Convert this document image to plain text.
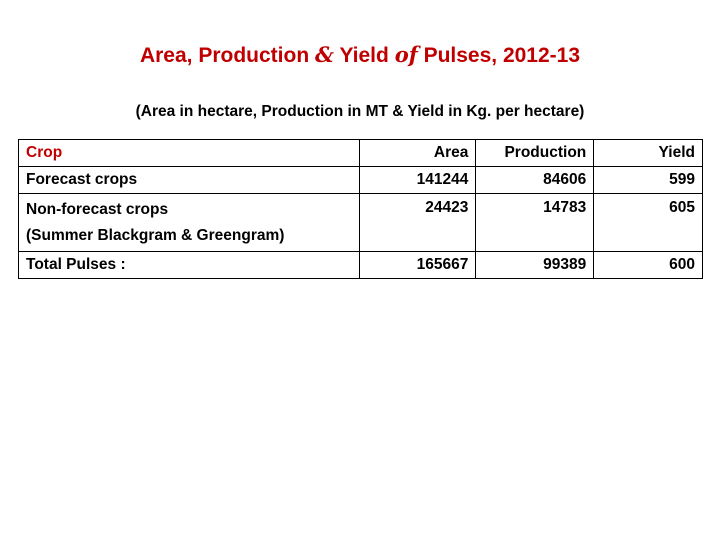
Area, Production & Yield of Pulses, 2012-13
(Area in hectare, Production in MT & Yield in Kg. per hectare)
Crop	Area	Production	Yield
Forecast crops	141244	84606	599

Non-forecast crops
(Summer Blackgram & Greengram)	24423	14783	605
Total Pulses :	165667	99389	600
